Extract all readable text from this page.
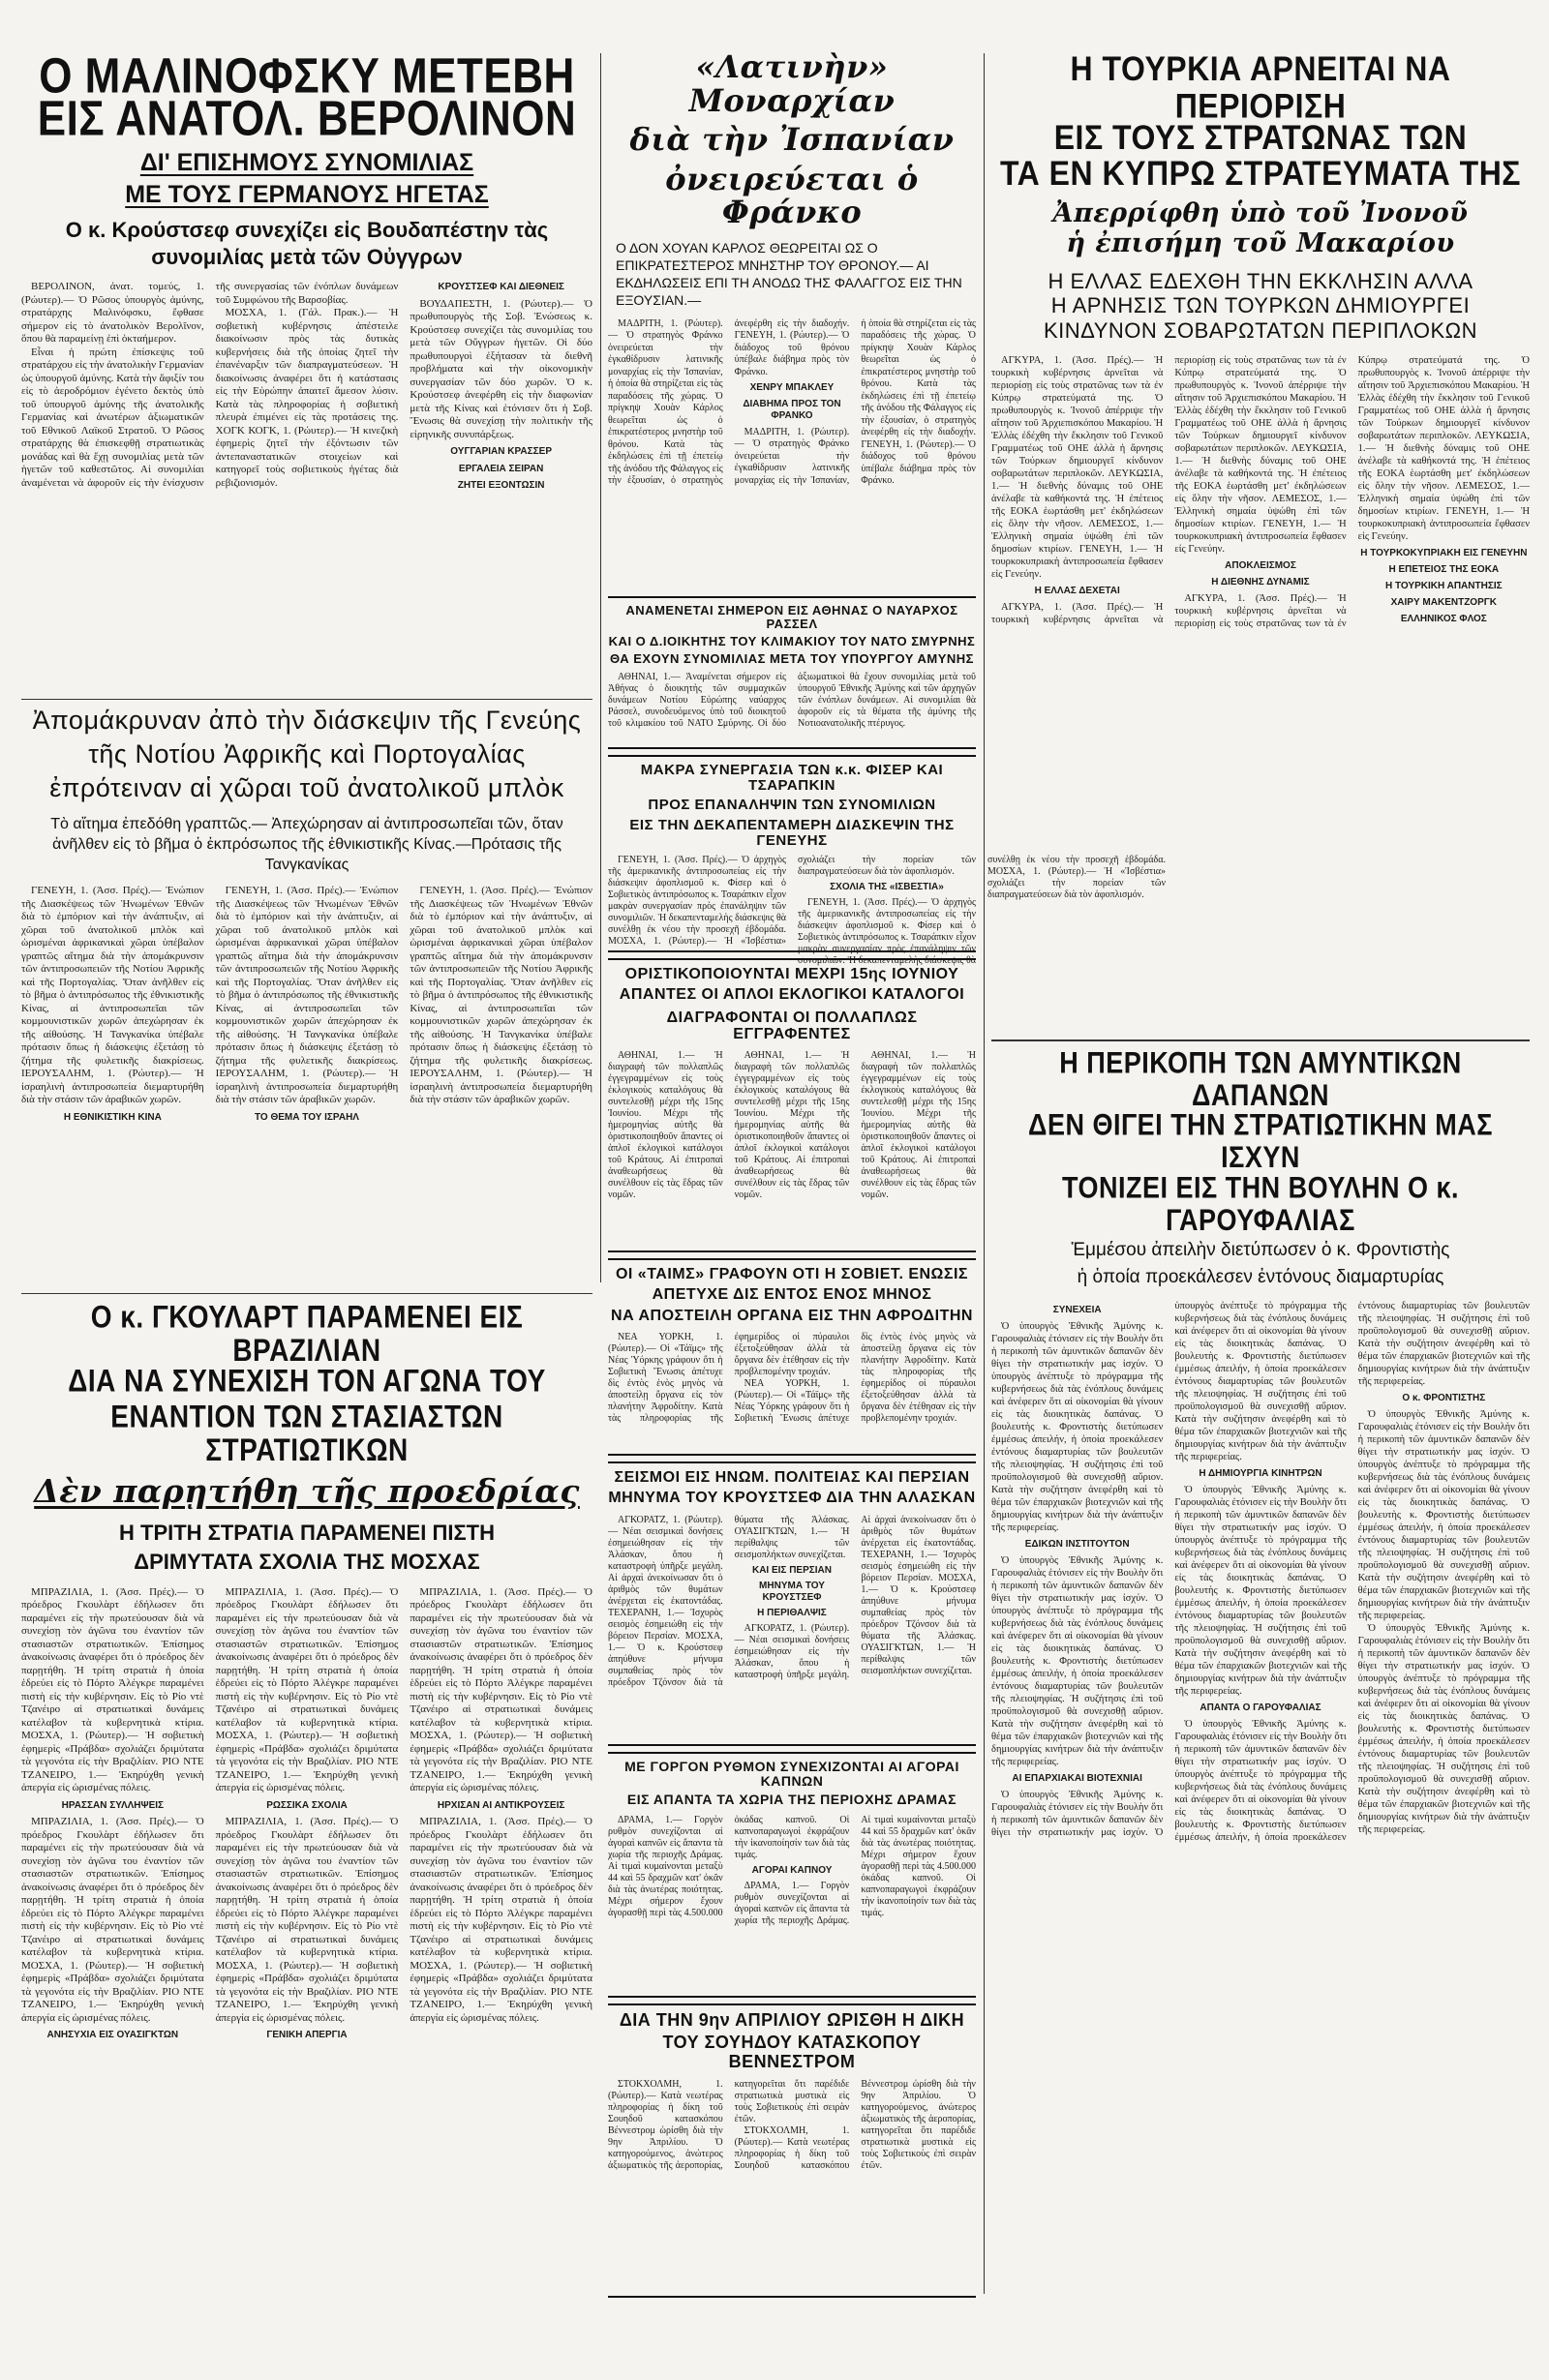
Ο ΜΑΛΙΝΟΦΣΚΥ ΜΕΤΕΒΗ
ΕΙΣ ΑΝΑΤΟΛ. ΒΕΡΟΛΙΝΟΝ
ΔΙ' ΕΠΙΣΗΜΟΥΣ ΣΥΝΟΜΙΛΙΑΣ
ΜΕ ΤΟΥΣ ΓΕΡΜΑΝΟΥΣ ΗΓΕΤΑΣ
Ο κ. Κρούστσεφ συνεχίζει εἰς Βουδαπέστην τὰς συνομιλίας μετὰ τῶν Οὐγγρων

ΒΕΡΟΛΙΝΟΝ, ἀνατ. τομεύς, 1. (Ρώυτερ).— Ὁ Ρῶσος ὑπουργὸς ἀμύνης, στρατάρχης Μαλινόφσκυ, ἔφθασε σήμερον εἰς τὸ ἀνατολικὸν Βερολῖνον, ὅπου θὰ παραμείνῃ ἐπὶ ὀκταήμερον.

Εἶναι ἡ πρώτη ἐπίσκεψις τοῦ στρατάρχου εἰς τὴν ἀνατολικὴν Γερμανίαν ὡς ὑπουργοῦ ἀμύνης. Κατὰ τὴν ἄφιξίν του εἰς τὸ ἀεροδρόμιον ἐγένετο δεκτὸς ὑπὸ τοῦ ὑπουργοῦ ἀμύνης τῆς ἀνατολικῆς Γερμανίας καὶ ἀνωτέρων ἀξιωματικῶν τοῦ Εθνικοῦ Λαϊκοῦ Στρατοῦ. Ὁ Ρῶσος στρατάρχης θὰ ἐπισκεφθῇ στρατιωτικὰς μονάδας καὶ θὰ ἔχῃ συνομιλίας μετὰ τῶν ἡγετῶν τοῦ καθεστῶτος. Αἱ συνομιλίαι ἀναμένεται νὰ ἀφοροῦν εἰς τὴν ἐνίσχυσιν τῆς συνεργασίας τῶν ἐνόπλων δυνάμεων τοῦ Συμφώνου τῆς Βαρσοβίας.

ΜΟΣΧΑ, 1. (Γάλ. Πρακ.).— Ἡ σοβιετικὴ κυβέρνησις ἀπέστειλε διακοίνωσιν πρὸς τὰς δυτικὰς κυβερνήσεις διὰ τῆς ὁποίας ζητεῖ τὴν ἐπανέναρξιν τῶν διαπραγματεύσεων. Ἡ διακοίνωσις ἀναφέρει ὅτι ἡ κατάστασις εἰς τὴν Εὐρώπην ἀπαιτεῖ ἄμεσον λύσιν. Κατὰ τὰς πληροφορίας ἡ σοβιετικὴ πλευρὰ ἐπιμένει εἰς τὰς προτάσεις της. ΧΟΓΚ ΚΟΓΚ, 1. (Ρώυτερ).— Ἡ κινεζικὴ ἐφημερὶς ζητεῖ τὴν ἐξόντωσιν τῶν ἀντεπαναστατικῶν στοιχείων καὶ κατηγορεῖ τοὺς σοβιετικοὺς ἡγέτας διὰ ρεβιζιονισμόν.

ΚΡΟΥΣΤΣΕΦ ΚΑΙ ΔΙΕΘΝΕΙΣ

ΒΟΥΔΑΠΕΣΤΗ, 1. (Ρώυτερ).— Ὁ πρωθυπουργὸς τῆς Σοβ. Ἑνώσεως κ. Κρούστσεφ συνεχίζει τὰς συνομιλίας του μετὰ τῶν Οὔγγρων ἡγετῶν. Οἱ δύο πρωθυπουργοὶ ἐξήτασαν τὰ διεθνῆ προβλήματα καὶ τὴν οἰκονομικὴν συνεργασίαν τῶν δύο χωρῶν. Ὁ κ. Κρούστσεφ ἀνεφέρθη εἰς τὴν διαφωνίαν μετὰ τῆς Κίνας καὶ ἐτόνισεν ὅτι ἡ Σοβ. Ἕνωσις θὰ συνεχίσῃ τὴν πολιτικὴν τῆς εἰρηνικῆς συνυπάρξεως.

ΟΥΓΓΑΡΙΑΝ ΚΡΑΣΣΕΡ
ΕΡΓΑΛΕΙΑ ΣΕΙΡΑΝ
ΖΗΤΕΙ ΕΞΟΝΤΩΣΙΝ
Ἀπομάκρυναν ἀπὸ τὴν διάσκεψιν τῆς Γενεύης
τῆς Νοτίου Ἀφρικῆς καὶ Πορτογαλίας
ἐπρότειναν αἱ χῶραι τοῦ ἀνατολικοῦ μπλὸκ
Τὸ αἴτημα ἐπεδόθη γραπτῶς.— Ἀπεχώρησαν αἱ ἀντιπροσωπεῖαι τῶν, ὅταν ἀνῆλθεν εἰς τὸ βῆμα ὁ ἐκπρόσωπος τῆς ἐθνικιστικῆς Κίνας.—Πρότασις τῆς Τανγκανίκας

ΓΕΝΕΥΗ, 1. (Ἀσσ. Πρές).— Ἐνώπιον τῆς Διασκέψεως τῶν Ἡνωμένων Ἐθνῶν διὰ τὸ ἐμπόριον καὶ τὴν ἀνάπτυξιν, αἱ χῶραι τοῦ ἀνατολικοῦ μπλὸκ καὶ ὡρισμέναι ἀφρικανικαὶ χῶραι ὑπέβαλον γραπτῶς αἴτημα διὰ τὴν ἀπομάκρυνσιν τῶν ἀντιπροσωπειῶν τῆς Νοτίου Ἀφρικῆς καὶ τῆς Πορτογαλίας. Ὅταν ἀνῆλθεν εἰς τὸ βῆμα ὁ ἀντιπρόσωπος τῆς ἐθνικιστικῆς Κίνας, αἱ ἀντιπροσωπεῖαι τῶν κομμουνιστικῶν χωρῶν ἀπεχώρησαν ἐκ τῆς αἰθούσης. Ἡ Τανγκανίκα ὑπέβαλε πρότασιν ὅπως ἡ διάσκεψις ἐξετάσῃ τὸ ζήτημα τῆς φυλετικῆς διακρίσεως. ΙΕΡΟΥΣΑΛΗΜ, 1. (Ρώυτερ).— Ἡ ἰσραηλινὴ ἀντιπροσωπεία διεμαρτυρήθη διὰ τὴν στάσιν τῶν ἀραβικῶν χωρῶν.

Η ΕΘΝΙΚΙΣΤΙΚΗ ΚΙΝΑ

ΓΕΝΕΥΗ, 1. (Ἀσσ. Πρές).— Ἐνώπιον τῆς Διασκέψεως τῶν Ἡνωμένων Ἐθνῶν διὰ τὸ ἐμπόριον καὶ τὴν ἀνάπτυξιν, αἱ χῶραι τοῦ ἀνατολικοῦ μπλὸκ καὶ ὡρισμέναι ἀφρικανικαὶ χῶραι ὑπέβαλον γραπτῶς αἴτημα διὰ τὴν ἀπομάκρυνσιν τῶν ἀντιπροσωπειῶν τῆς Νοτίου Ἀφρικῆς καὶ τῆς Πορτογαλίας. Ὅταν ἀνῆλθεν εἰς τὸ βῆμα ὁ ἀντιπρόσωπος τῆς ἐθνικιστικῆς Κίνας, αἱ ἀντιπροσωπεῖαι τῶν κομμουνιστικῶν χωρῶν ἀπεχώρησαν ἐκ τῆς αἰθούσης. Ἡ Τανγκανίκα ὑπέβαλε πρότασιν ὅπως ἡ διάσκεψις ἐξετάσῃ τὸ ζήτημα τῆς φυλετικῆς διακρίσεως. ΙΕΡΟΥΣΑΛΗΜ, 1. (Ρώυτερ).— Ἡ ἰσραηλινὴ ἀντιπροσωπεία διεμαρτυρήθη διὰ τὴν στάσιν τῶν ἀραβικῶν χωρῶν.

ΤΟ ΘΕΜΑ ΤΟΥ ΙΣΡΑΗΛ

ΓΕΝΕΥΗ, 1. (Ἀσσ. Πρές).— Ἐνώπιον τῆς Διασκέψεως τῶν Ἡνωμένων Ἐθνῶν διὰ τὸ ἐμπόριον καὶ τὴν ἀνάπτυξιν, αἱ χῶραι τοῦ ἀνατολικοῦ μπλὸκ καὶ ὡρισμέναι ἀφρικανικαὶ χῶραι ὑπέβαλον γραπτῶς αἴτημα διὰ τὴν ἀπομάκρυνσιν τῶν ἀντιπροσωπειῶν τῆς Νοτίου Ἀφρικῆς καὶ τῆς Πορτογαλίας. Ὅταν ἀνῆλθεν εἰς τὸ βῆμα ὁ ἀντιπρόσωπος τῆς ἐθνικιστικῆς Κίνας, αἱ ἀντιπροσωπεῖαι τῶν κομμουνιστικῶν χωρῶν ἀπεχώρησαν ἐκ τῆς αἰθούσης. Ἡ Τανγκανίκα ὑπέβαλε πρότασιν ὅπως ἡ διάσκεψις ἐξετάσῃ τὸ ζήτημα τῆς φυλετικῆς διακρίσεως. ΙΕΡΟΥΣΑΛΗΜ, 1. (Ρώυτερ).— Ἡ ἰσραηλινὴ ἀντιπροσωπεία διεμαρτυρήθη διὰ τὴν στάσιν τῶν ἀραβικῶν χωρῶν.

Ο κ. ΓΚΟΥΛΑΡΤ ΠΑΡΑΜΕΝΕΙ ΕΙΣ ΒΡΑΖΙΛΙΑΝ
ΔΙΑ ΝΑ ΣΥΝΕΧΙΣΗ ΤΟΝ ΑΓΩΝΑ ΤΟΥ
ΕΝΑΝΤΙΟΝ ΤΩΝ ΣΤΑΣΙΑΣΤΩΝ ΣΤΡΑΤΙΩΤΙΚΩΝ
Δὲν παρῃτήθη τῆς προεδρίας
Η ΤΡΙΤΗ ΣΤΡΑΤΙΑ ΠΑΡΑΜΕΝΕΙ ΠΙΣΤΗ
ΔΡΙΜΥΤΑΤΑ ΣΧΟΛΙΑ ΤΗΣ ΜΟΣΧΑΣ

ΜΠΡΑΖΙΛΙΑ, 1. (Ἀσσ. Πρές).— Ὁ πρόεδρος Γκουλὰρτ ἐδήλωσεν ὅτι παραμένει εἰς τὴν πρωτεύουσαν διὰ νὰ συνεχίσῃ τὸν ἀγῶνα του ἐναντίον τῶν στασιαστῶν στρατιωτικῶν. Ἐπίσημος ἀνακοίνωσις ἀναφέρει ὅτι ὁ πρόεδρος δὲν παρῃτήθη. Ἡ τρίτη στρατιὰ ἡ ὁποία ἑδρεύει εἰς τὸ Πόρτο Ἀλέγκρε παραμένει πιστὴ εἰς τὴν κυβέρνησιν. Εἰς τὸ Ρίο ντὲ Τζανέιρο αἱ στρατιωτικαὶ δυνάμεις κατέλαβον τὰ κυβερνητικὰ κτίρια. ΜΟΣΧΑ, 1. (Ρώυτερ).— Ἡ σοβιετικὴ ἐφημερὶς «Πράβδα» σχολιάζει δριμύτατα τὰ γεγονότα εἰς τὴν Βραζιλίαν. ΡΙΟ ΝΤΕ ΤΖΑΝΕΙΡΟ, 1.— Ἐκηρύχθη γενικὴ ἀπεργία εἰς ὡρισμένας πόλεις.

ΗΡΑΣΣΑΝ ΣΥΛΛΗΨΕΙΣ

ΜΠΡΑΖΙΛΙΑ, 1. (Ἀσσ. Πρές).— Ὁ πρόεδρος Γκουλὰρτ ἐδήλωσεν ὅτι παραμένει εἰς τὴν πρωτεύουσαν διὰ νὰ συνεχίσῃ τὸν ἀγῶνα του ἐναντίον τῶν στασιαστῶν στρατιωτικῶν. Ἐπίσημος ἀνακοίνωσις ἀναφέρει ὅτι ὁ πρόεδρος δὲν παρῃτήθη. Ἡ τρίτη στρατιὰ ἡ ὁποία ἑδρεύει εἰς τὸ Πόρτο Ἀλέγκρε παραμένει πιστὴ εἰς τὴν κυβέρνησιν. Εἰς τὸ Ρίο ντὲ Τζανέιρο αἱ στρατιωτικαὶ δυνάμεις κατέλαβον τὰ κυβερνητικὰ κτίρια. ΜΟΣΧΑ, 1. (Ρώυτερ).— Ἡ σοβιετικὴ ἐφημερὶς «Πράβδα» σχολιάζει δριμύτατα τὰ γεγονότα εἰς τὴν Βραζιλίαν. ΡΙΟ ΝΤΕ ΤΖΑΝΕΙΡΟ, 1.— Ἐκηρύχθη γενικὴ ἀπεργία εἰς ὡρισμένας πόλεις.

ΑΝΗΣΥΧΙΑ ΕΙΣ ΟΥΑΣΙΓΚΤΩΝ

ΜΠΡΑΖΙΛΙΑ, 1. (Ἀσσ. Πρές).— Ὁ πρόεδρος Γκουλὰρτ ἐδήλωσεν ὅτι παραμένει εἰς τὴν πρωτεύουσαν διὰ νὰ συνεχίσῃ τὸν ἀγῶνα του ἐναντίον τῶν στασιαστῶν στρατιωτικῶν. Ἐπίσημος ἀνακοίνωσις ἀναφέρει ὅτι ὁ πρόεδρος δὲν παρῃτήθη. Ἡ τρίτη στρατιὰ ἡ ὁποία ἑδρεύει εἰς τὸ Πόρτο Ἀλέγκρε παραμένει πιστὴ εἰς τὴν κυβέρνησιν. Εἰς τὸ Ρίο ντὲ Τζανέιρο αἱ στρατιωτικαὶ δυνάμεις κατέλαβον τὰ κυβερνητικὰ κτίρια. ΜΟΣΧΑ, 1. (Ρώυτερ).— Ἡ σοβιετικὴ ἐφημερὶς «Πράβδα» σχολιάζει δριμύτατα τὰ γεγονότα εἰς τὴν Βραζιλίαν. ΡΙΟ ΝΤΕ ΤΖΑΝΕΙΡΟ, 1.— Ἐκηρύχθη γενικὴ ἀπεργία εἰς ὡρισμένας πόλεις.

ΡΩΣΣΙΚΑ ΣΧΟΛΙΑ

ΜΠΡΑΖΙΛΙΑ, 1. (Ἀσσ. Πρές).— Ὁ πρόεδρος Γκουλὰρτ ἐδήλωσεν ὅτι παραμένει εἰς τὴν πρωτεύουσαν διὰ νὰ συνεχίσῃ τὸν ἀγῶνα του ἐναντίον τῶν στασιαστῶν στρατιωτικῶν. Ἐπίσημος ἀνακοίνωσις ἀναφέρει ὅτι ὁ πρόεδρος δὲν παρῃτήθη. Ἡ τρίτη στρατιὰ ἡ ὁποία ἑδρεύει εἰς τὸ Πόρτο Ἀλέγκρε παραμένει πιστὴ εἰς τὴν κυβέρνησιν. Εἰς τὸ Ρίο ντὲ Τζανέιρο αἱ στρατιωτικαὶ δυνάμεις κατέλαβον τὰ κυβερνητικὰ κτίρια. ΜΟΣΧΑ, 1. (Ρώυτερ).— Ἡ σοβιετικὴ ἐφημερὶς «Πράβδα» σχολιάζει δριμύτατα τὰ γεγονότα εἰς τὴν Βραζιλίαν. ΡΙΟ ΝΤΕ ΤΖΑΝΕΙΡΟ, 1.— Ἐκηρύχθη γενικὴ ἀπεργία εἰς ὡρισμένας πόλεις.

ΓΕΝΙΚΗ ΑΠΕΡΓΙΑ

ΜΠΡΑΖΙΛΙΑ, 1. (Ἀσσ. Πρές).— Ὁ πρόεδρος Γκουλὰρτ ἐδήλωσεν ὅτι παραμένει εἰς τὴν πρωτεύουσαν διὰ νὰ συνεχίσῃ τὸν ἀγῶνα του ἐναντίον τῶν στασιαστῶν στρατιωτικῶν. Ἐπίσημος ἀνακοίνωσις ἀναφέρει ὅτι ὁ πρόεδρος δὲν παρῃτήθη. Ἡ τρίτη στρατιὰ ἡ ὁποία ἑδρεύει εἰς τὸ Πόρτο Ἀλέγκρε παραμένει πιστὴ εἰς τὴν κυβέρνησιν. Εἰς τὸ Ρίο ντὲ Τζανέιρο αἱ στρατιωτικαὶ δυνάμεις κατέλαβον τὰ κυβερνητικὰ κτίρια. ΜΟΣΧΑ, 1. (Ρώυτερ).— Ἡ σοβιετικὴ ἐφημερὶς «Πράβδα» σχολιάζει δριμύτατα τὰ γεγονότα εἰς τὴν Βραζιλίαν. ΡΙΟ ΝΤΕ ΤΖΑΝΕΙΡΟ, 1.— Ἐκηρύχθη γενικὴ ἀπεργία εἰς ὡρισμένας πόλεις.

ΗΡΧΙΣΑΝ ΑΙ ΑΝΤΙΚΡΟΥΣΕΙΣ

ΜΠΡΑΖΙΛΙΑ, 1. (Ἀσσ. Πρές).— Ὁ πρόεδρος Γκουλὰρτ ἐδήλωσεν ὅτι παραμένει εἰς τὴν πρωτεύουσαν διὰ νὰ συνεχίσῃ τὸν ἀγῶνα του ἐναντίον τῶν στασιαστῶν στρατιωτικῶν. Ἐπίσημος ἀνακοίνωσις ἀναφέρει ὅτι ὁ πρόεδρος δὲν παρῃτήθη. Ἡ τρίτη στρατιὰ ἡ ὁποία ἑδρεύει εἰς τὸ Πόρτο Ἀλέγκρε παραμένει πιστὴ εἰς τὴν κυβέρνησιν. Εἰς τὸ Ρίο ντὲ Τζανέιρο αἱ στρατιωτικαὶ δυνάμεις κατέλαβον τὰ κυβερνητικὰ κτίρια. ΜΟΣΧΑ, 1. (Ρώυτερ).— Ἡ σοβιετικὴ ἐφημερὶς «Πράβδα» σχολιάζει δριμύτατα τὰ γεγονότα εἰς τὴν Βραζιλίαν. ΡΙΟ ΝΤΕ ΤΖΑΝΕΙΡΟ, 1.— Ἐκηρύχθη γενικὴ ἀπεργία εἰς ὡρισμένας πόλεις.

«Λατινὴν» Μοναρχίαν
διὰ τὴν Ἰσπανίαν
ὀνειρεύεται ὁ Φράνκο
Ο ΔΟΝ ΧΟΥΑΝ ΚΑΡΛΟΣ ΘΕΩΡΕΙΤΑΙ ΩΣ Ο ΕΠΙΚΡΑΤΕΣΤΕΡΟΣ ΜΝΗΣΤΗΡ ΤΟΥ ΘΡΟΝΟΥ.— ΑΙ ΕΚΔΗΛΩΣΕΙΣ ΕΠΙ ΤΗ ΑΝΟΔΩ ΤΗΣ ΦΑΛΑΓΓΟΣ ΕΙΣ ΤΗΝ ΕΞΟΥΣΙΑΝ.—

ΜΑΔΡΙΤΗ, 1. (Ρώυτερ).— Ὁ στρατηγὸς Φράνκο ὀνειρεύεται τὴν ἐγκαθίδρυσιν λατινικῆς μοναρχίας εἰς τὴν Ἰσπανίαν, ἡ ὁποία θὰ στηρίζεται εἰς τὰς παραδόσεις τῆς χώρας. Ὁ πρίγκηψ Χουὰν Κάρλος θεωρεῖται ὡς ὁ ἐπικρατέστερος μνηστὴρ τοῦ θρόνου. Κατὰ τὰς ἐκδηλώσεις ἐπὶ τῇ ἐπετείῳ τῆς ἀνόδου τῆς Φάλαγγος εἰς τὴν ἐξουσίαν, ὁ στρατηγὸς ἀνεφέρθη εἰς τὴν διαδοχήν. ΓΕΝΕΥΗ, 1. (Ρώυτερ).— Ὁ διάδοχος τοῦ θρόνου ὑπέβαλε διάβημα πρὸς τὸν Φράνκο.

ΧΕΝΡΥ ΜΠΑΚΛΕΥ
ΔΙΑΒΗΜΑ ΠΡΟΣ ΤΟΝ ΦΡΑΝΚΟ

ΜΑΔΡΙΤΗ, 1. (Ρώυτερ).— Ὁ στρατηγὸς Φράνκο ὀνειρεύεται τὴν ἐγκαθίδρυσιν λατινικῆς μοναρχίας εἰς τὴν Ἰσπανίαν, ἡ ὁποία θὰ στηρίζεται εἰς τὰς παραδόσεις τῆς χώρας. Ὁ πρίγκηψ Χουὰν Κάρλος θεωρεῖται ὡς ὁ ἐπικρατέστερος μνηστὴρ τοῦ θρόνου. Κατὰ τὰς ἐκδηλώσεις ἐπὶ τῇ ἐπετείῳ τῆς ἀνόδου τῆς Φάλαγγος εἰς τὴν ἐξουσίαν, ὁ στρατηγὸς ἀνεφέρθη εἰς τὴν διαδοχήν. ΓΕΝΕΥΗ, 1. (Ρώυτερ).— Ὁ διάδοχος τοῦ θρόνου ὑπέβαλε διάβημα πρὸς τὸν Φράνκο.

ΑΝΑΜΕΝΕΤΑΙ ΣΗΜΕΡΟΝ ΕΙΣ ΑΘΗΝΑΣ Ο ΝΑΥΑΡΧΟΣ ΡΑΣΣΕΛ
ΚΑΙ Ο Δ.ΙΟΙΚΗΤΗΣ ΤΟΥ ΚΛΙΜΑΚΙΟΥ ΤΟΥ ΝΑΤΟ ΣΜΥΡΝΗΣ
ΘΑ ΕΧΟΥΝ ΣΥΝΟΜΙΛΙΑΣ ΜΕΤΑ ΤΟΥ ΥΠΟΥΡΓΟΥ ΑΜΥΝΗΣ

ΑΘΗΝΑΙ, 1.— Ἀναμένεται σήμερον εἰς Ἀθήνας ὁ διοικητὴς τῶν συμμαχικῶν δυνάμεων Νοτίου Εὐρώπης ναύαρχος Ράσσελ, συνοδευόμενος ὑπὸ τοῦ διοικητοῦ τοῦ κλιμακίου τοῦ ΝΑΤΟ Σμύρνης. Οἱ δύο ἀξιωματικοὶ θὰ ἔχουν συνομιλίας μετὰ τοῦ ὑπουργοῦ Ἐθνικῆς Ἀμύνης καὶ τῶν ἀρχηγῶν τῶν ἐνόπλων δυνάμεων. Αἱ συνομιλίαι θὰ ἀφοροῦν εἰς τὰ θέματα τῆς ἀμύνης τῆς Νοτιοανατολικῆς πτέρυγος.

ΜΑΚΡΑ ΣΥΝΕΡΓΑΣΙΑ ΤΩΝ κ.κ. ΦΙΣΕΡ ΚΑΙ ΤΣΑΡΑΠΚΙΝ
ΠΡΟΣ ΕΠΑΝΑΛΗΨΙΝ ΤΩΝ ΣΥΝΟΜΙΛΙΩΝ
ΕΙΣ ΤΗΝ ΔΕΚΑΠΕΝΤΑΜΕΡΗ ΔΙΑΣΚΕΨΙΝ ΤΗΣ ΓΕΝΕΥΗΣ

ΓΕΝΕΥΗ, 1. (Ἀσσ. Πρές).— Ὁ ἀρχηγὸς τῆς ἀμερικανικῆς ἀντιπροσωπείας εἰς τὴν διάσκεψιν ἀφοπλισμοῦ κ. Φίσερ καὶ ὁ Σοβιετικὸς ἀντιπρόσωπος κ. Τσαράπκιν εἶχον μακρὰν συνεργασίαν πρὸς ἐπανάληψιν τῶν συνομιλιῶν. Ἡ δεκαπενταμελὴς διάσκεψις θὰ συνέλθῃ ἐκ νέου τὴν προσεχῆ ἑβδομάδα. ΜΟΣΧΑ, 1. (Ρώυτερ).— Ἡ «Ἰσβέστια» σχολιάζει τὴν πορείαν τῶν διαπραγματεύσεων διὰ τὸν ἀφοπλισμόν.

ΣΧΟΛΙΑ ΤΗΣ «ΙΣΒΕΣΤΙΑ»

ΓΕΝΕΥΗ, 1. (Ἀσσ. Πρές).— Ὁ ἀρχηγὸς τῆς ἀμερικανικῆς ἀντιπροσωπείας εἰς τὴν διάσκεψιν ἀφοπλισμοῦ κ. Φίσερ καὶ ὁ Σοβιετικὸς ἀντιπρόσωπος κ. Τσαράπκιν εἶχον μακρὰν συνεργασίαν πρὸς ἐπανάληψιν τῶν συνομιλιῶν. Ἡ δεκαπενταμελὴς διάσκεψις θὰ συνέλθῃ ἐκ νέου τὴν προσεχῆ ἑβδομάδα. ΜΟΣΧΑ, 1. (Ρώυτερ).— Ἡ «Ἰσβέστια» σχολιάζει τὴν πορείαν τῶν διαπραγματεύσεων διὰ τὸν ἀφοπλισμόν.

ΟΡΙΣΤΙΚΟΠΟΙΟΥΝΤΑΙ ΜΕΧΡΙ 15ης ΙΟΥΝΙΟΥ
ΑΠΑΝΤΕΣ ΟΙ ΑΠΛΟΙ ΕΚΛΟΓΙΚΟΙ ΚΑΤΑΛΟΓΟΙ
ΔΙΑΓΡΑΦΟΝΤΑΙ ΟΙ ΠΟΛΛΑΠΛΩΣ ΕΓΓΡΑΦΕΝΤΕΣ

ΑΘΗΝΑΙ, 1.— Ἡ διαγραφὴ τῶν πολλαπλῶς ἐγγεγραμμένων εἰς τοὺς ἐκλογικοὺς καταλόγους θὰ συντελεσθῇ μέχρι τῆς 15ης Ἰουνίου. Μέχρι τῆς ἡμερομηνίας αὐτῆς θὰ ὁριστικοποιηθοῦν ἅπαντες οἱ ἁπλοῖ ἐκλογικοὶ κατάλογοι τοῦ Κράτους. Αἱ ἐπιτροπαὶ ἀναθεωρήσεως θὰ συνέλθουν εἰς τὰς ἕδρας τῶν νομῶν.

ΑΘΗΝΑΙ, 1.— Ἡ διαγραφὴ τῶν πολλαπλῶς ἐγγεγραμμένων εἰς τοὺς ἐκλογικοὺς καταλόγους θὰ συντελεσθῇ μέχρι τῆς 15ης Ἰουνίου. Μέχρι τῆς ἡμερομηνίας αὐτῆς θὰ ὁριστικοποιηθοῦν ἅπαντες οἱ ἁπλοῖ ἐκλογικοὶ κατάλογοι τοῦ Κράτους. Αἱ ἐπιτροπαὶ ἀναθεωρήσεως θὰ συνέλθουν εἰς τὰς ἕδρας τῶν νομῶν.

ΑΘΗΝΑΙ, 1.— Ἡ διαγραφὴ τῶν πολλαπλῶς ἐγγεγραμμένων εἰς τοὺς ἐκλογικοὺς καταλόγους θὰ συντελεσθῇ μέχρι τῆς 15ης Ἰουνίου. Μέχρι τῆς ἡμερομηνίας αὐτῆς θὰ ὁριστικοποιηθοῦν ἅπαντες οἱ ἁπλοῖ ἐκλογικοὶ κατάλογοι τοῦ Κράτους. Αἱ ἐπιτροπαὶ ἀναθεωρήσεως θὰ συνέλθουν εἰς τὰς ἕδρας τῶν νομῶν.

ΟΙ «ΤΑΙΜΣ» ΓΡΑΦΟΥΝ ΟΤΙ Η ΣΟΒΙΕΤ. ΕΝΩΣΙΣ
ΑΠΕΤΥΧΕ ΔΙΣ ΕΝΤΟΣ ΕΝΟΣ ΜΗΝΟΣ
ΝΑ ΑΠΟΣΤΕΙΛΗ ΟΡΓΑΝΑ ΕΙΣ ΤΗΝ ΑΦΡΟΔΙΤΗΝ

ΝΕΑ ΥΟΡΚΗ, 1. (Ρώυτερ).— Οἱ «Τάϊμς» τῆς Νέας Ὑόρκης γράφουν ὅτι ἡ Σοβιετικὴ Ἕνωσις ἀπέτυχε δὶς ἐντὸς ἑνὸς μηνὸς νὰ ἀποστείλῃ ὄργανα εἰς τὸν πλανήτην Ἀφροδίτην. Κατὰ τὰς πληροφορίας τῆς ἐφημερίδος οἱ πύραυλοι ἐξετοξεύθησαν ἀλλὰ τὰ ὄργανα δὲν ἐτέθησαν εἰς τὴν προβλεπομένην τροχιάν.

ΝΕΑ ΥΟΡΚΗ, 1. (Ρώυτερ).— Οἱ «Τάϊμς» τῆς Νέας Ὑόρκης γράφουν ὅτι ἡ Σοβιετικὴ Ἕνωσις ἀπέτυχε δὶς ἐντὸς ἑνὸς μηνὸς νὰ ἀποστείλῃ ὄργανα εἰς τὸν πλανήτην Ἀφροδίτην. Κατὰ τὰς πληροφορίας τῆς ἐφημερίδος οἱ πύραυλοι ἐξετοξεύθησαν ἀλλὰ τὰ ὄργανα δὲν ἐτέθησαν εἰς τὴν προβλεπομένην τροχιάν.

ΣΕΙΣΜΟΙ ΕΙΣ ΗΝΩΜ. ΠΟΛΙΤΕΙΑΣ ΚΑΙ ΠΕΡΣΙΑΝ
ΜΗΝΥΜΑ ΤΟΥ ΚΡΟΥΣΤΣΕΦ ΔΙΑ ΤΗΝ ΑΛΑΣΚΑΝ

ΑΓΚΟΡΑΤΖ, 1. (Ρώυτερ).— Νέαι σεισμικαὶ δονήσεις ἐσημειώθησαν εἰς τὴν Ἀλάσκαν, ὅπου ἡ καταστροφὴ ὑπῆρξε μεγάλη. Αἱ ἀρχαὶ ἀνεκοίνωσαν ὅτι ὁ ἀριθμὸς τῶν θυμάτων ἀνέρχεται εἰς ἑκατοντάδας. ΤΕΧΕΡΑΝΗ, 1.— Ἰσχυρὸς σεισμὸς ἐσημειώθη εἰς τὴν βόρειον Περσίαν. ΜΟΣΧΑ, 1.— Ὁ κ. Κρούστσεφ ἀπηύθυνε μήνυμα συμπαθείας πρὸς τὸν πρόεδρον Τζόνσον διὰ τὰ θύματα τῆς Ἀλάσκας. ΟΥΑΣΙΓΚΤΩΝ, 1.— Ἡ περίθαλψις τῶν σεισμοπλήκτων συνεχίζεται.

ΚΑΙ ΕΙΣ ΠΕΡΣΙΑΝ
ΜΗΝΥΜΑ ΤΟΥ ΚΡΟΥΣΤΣΕΦ
Η ΠΕΡΙΘΑΛΨΙΣ

ΑΓΚΟΡΑΤΖ, 1. (Ρώυτερ).— Νέαι σεισμικαὶ δονήσεις ἐσημειώθησαν εἰς τὴν Ἀλάσκαν, ὅπου ἡ καταστροφὴ ὑπῆρξε μεγάλη. Αἱ ἀρχαὶ ἀνεκοίνωσαν ὅτι ὁ ἀριθμὸς τῶν θυμάτων ἀνέρχεται εἰς ἑκατοντάδας. ΤΕΧΕΡΑΝΗ, 1.— Ἰσχυρὸς σεισμὸς ἐσημειώθη εἰς τὴν βόρειον Περσίαν. ΜΟΣΧΑ, 1.— Ὁ κ. Κρούστσεφ ἀπηύθυνε μήνυμα συμπαθείας πρὸς τὸν πρόεδρον Τζόνσον διὰ τὰ θύματα τῆς Ἀλάσκας. ΟΥΑΣΙΓΚΤΩΝ, 1.— Ἡ περίθαλψις τῶν σεισμοπλήκτων συνεχίζεται.

ΜΕ ΓΟΡΓΟΝ ΡΥΘΜΟΝ ΣΥΝΕΧΙΖΟΝΤΑΙ ΑΙ ΑΓΟΡΑΙ ΚΑΠΝΩΝ
ΕΙΣ ΑΠΑΝΤΑ ΤΑ ΧΩΡΙΑ ΤΗΣ ΠΕΡΙΟΧΗΣ ΔΡΑΜΑΣ

ΔΡΑΜΑ, 1.— Γοργὸν ρυθμὸν συνεχίζονται αἱ ἀγοραὶ καπνῶν εἰς ἅπαντα τὰ χωρία τῆς περιοχῆς Δράμας. Αἱ τιμαὶ κυμαίνονται μεταξὺ 44 καὶ 55 δραχμῶν κατ' ὀκᾶν διὰ τὰς ἀνωτέρας ποιότητας. Μέχρι σήμερον ἔχουν ἀγορασθῇ περὶ τὰς 4.500.000 ὀκάδας καπνοῦ. Οἱ καπνοπαραγωγοὶ ἐκφράζουν τὴν ἱκανοποίησίν των διὰ τὰς τιμάς.

ΑΓΟΡΑΙ ΚΑΠΝΟΥ

ΔΡΑΜΑ, 1.— Γοργὸν ρυθμὸν συνεχίζονται αἱ ἀγοραὶ καπνῶν εἰς ἅπαντα τὰ χωρία τῆς περιοχῆς Δράμας. Αἱ τιμαὶ κυμαίνονται μεταξὺ 44 καὶ 55 δραχμῶν κατ' ὀκᾶν διὰ τὰς ἀνωτέρας ποιότητας. Μέχρι σήμερον ἔχουν ἀγορασθῇ περὶ τὰς 4.500.000 ὀκάδας καπνοῦ. Οἱ καπνοπαραγωγοὶ ἐκφράζουν τὴν ἱκανοποίησίν των διὰ τὰς τιμάς.

ΔΙΑ ΤΗΝ 9ην ΑΠΡΙΛΙΟΥ ΩΡΙΣΘΗ Η ΔΙΚΗ
ΤΟΥ ΣΟΥΗΔΟΥ ΚΑΤΑΣΚΟΠΟΥ ΒΕΝΝΕΣΤΡΟΜ

ΣΤΟΚΧΟΛΜΗ, 1. (Ρώυτερ).— Κατὰ νεωτέρας πληροφορίας ἡ δίκη τοῦ Σουηδοῦ κατασκόπου Βέννεστρομ ὡρίσθη διὰ τὴν 9ην Ἀπριλίου. Ὁ κατηγορούμενος, ἀνώτερος ἀξιωματικὸς τῆς ἀεροπορίας, κατηγορεῖται ὅτι παρέδιδε στρατιωτικὰ μυστικὰ εἰς τοὺς Σοβιετικοὺς ἐπὶ σειρὰν ἐτῶν.

ΣΤΟΚΧΟΛΜΗ, 1. (Ρώυτερ).— Κατὰ νεωτέρας πληροφορίας ἡ δίκη τοῦ Σουηδοῦ κατασκόπου Βέννεστρομ ὡρίσθη διὰ τὴν 9ην Ἀπριλίου. Ὁ κατηγορούμενος, ἀνώτερος ἀξιωματικὸς τῆς ἀεροπορίας, κατηγορεῖται ὅτι παρέδιδε στρατιωτικὰ μυστικὰ εἰς τοὺς Σοβιετικοὺς ἐπὶ σειρὰν ἐτῶν.

Η ΤΟΥΡΚΙΑ ΑΡΝΕΙΤΑΙ ΝΑ ΠΕΡΙΟΡΙΣΗ
ΕΙΣ ΤΟΥΣ ΣΤΡΑΤΩΝΑΣ ΤΩΝ
ΤΑ ΕΝ ΚΥΠΡΩ ΣΤΡΑΤΕΥΜΑΤΑ ΤΗΣ
Ἀπερρίφθη ὑπὸ τοῦ Ἰνονοῦ
ἡ ἐπισήμη τοῦ Μακαρίου
Η ΕΛΛΑΣ ΕΔΕΧΘΗ ΤΗΝ ΕΚΚΛΗΣΙΝ ΑΛΛΑ
Η ΑΡΝΗΣΙΣ ΤΩΝ ΤΟΥΡΚΩΝ ΔΗΜΙΟΥΡΓΕΙ
ΚΙΝΔΥΝΟΝ ΣΟΒΑΡΩΤΑΤΩΝ ΠΕΡΙΠΛΟΚΩΝ

ΑΓΚΥΡΑ, 1. (Ἀσσ. Πρές).— Ἡ τουρκικὴ κυβέρνησις ἀρνεῖται νὰ περιορίσῃ εἰς τοὺς στρατῶνας των τὰ ἐν Κύπρῳ στρατεύματά της. Ὁ πρωθυπουργὸς κ. Ἰνονοῦ ἀπέρριψε τὴν αἴτησιν τοῦ Ἀρχιεπισκόπου Μακαρίου. Ἡ Ἑλλὰς ἐδέχθη τὴν ἔκκλησιν τοῦ Γενικοῦ Γραμματέως τοῦ ΟΗΕ ἀλλὰ ἡ ἄρνησις τῶν Τούρκων δημιουργεῖ κίνδυνον σοβαρωτάτων περιπλοκῶν. ΛΕΥΚΩΣΙΑ, 1.— Ἡ διεθνὴς δύναμις τοῦ ΟΗΕ ἀνέλαβε τὰ καθήκοντά της. Ἡ ἐπέτειος τῆς ΕΟΚΑ ἑωρτάσθη μετ' ἐκδηλώσεων εἰς ὅλην τὴν νῆσον. ΛΕΜΕΣΟΣ, 1.— Ἑλληνικὴ σημαία ὑψώθη ἐπὶ τῶν δημοσίων κτιρίων. ΓΕΝΕΥΗ, 1.— Ἡ τουρκοκυπριακὴ ἀντιπροσωπεία ἔφθασεν εἰς Γενεύην.

Η ΕΛΛΑΣ ΔΕΧΕΤΑΙ

ΑΓΚΥΡΑ, 1. (Ἀσσ. Πρές).— Ἡ τουρκικὴ κυβέρνησις ἀρνεῖται νὰ περιορίσῃ εἰς τοὺς στρατῶνας των τὰ ἐν Κύπρῳ στρατεύματά της. Ὁ πρωθυπουργὸς κ. Ἰνονοῦ ἀπέρριψε τὴν αἴτησιν τοῦ Ἀρχιεπισκόπου Μακαρίου. Ἡ Ἑλλὰς ἐδέχθη τὴν ἔκκλησιν τοῦ Γενικοῦ Γραμματέως τοῦ ΟΗΕ ἀλλὰ ἡ ἄρνησις τῶν Τούρκων δημιουργεῖ κίνδυνον σοβαρωτάτων περιπλοκῶν. ΛΕΥΚΩΣΙΑ, 1.— Ἡ διεθνὴς δύναμις τοῦ ΟΗΕ ἀνέλαβε τὰ καθήκοντά της. Ἡ ἐπέτειος τῆς ΕΟΚΑ ἑωρτάσθη μετ' ἐκδηλώσεων εἰς ὅλην τὴν νῆσον. ΛΕΜΕΣΟΣ, 1.— Ἑλληνικὴ σημαία ὑψώθη ἐπὶ τῶν δημοσίων κτιρίων. ΓΕΝΕΥΗ, 1.— Ἡ τουρκοκυπριακὴ ἀντιπροσωπεία ἔφθασεν εἰς Γενεύην.

ΑΠΟΚΛΕΙΣΜΟΣ
Η ΔΙΕΘΝΗΣ ΔΥΝΑΜΙΣ

ΑΓΚΥΡΑ, 1. (Ἀσσ. Πρές).— Ἡ τουρκικὴ κυβέρνησις ἀρνεῖται νὰ περιορίσῃ εἰς τοὺς στρατῶνας των τὰ ἐν Κύπρῳ στρατεύματά της. Ὁ πρωθυπουργὸς κ. Ἰνονοῦ ἀπέρριψε τὴν αἴτησιν τοῦ Ἀρχιεπισκόπου Μακαρίου. Ἡ Ἑλλὰς ἐδέχθη τὴν ἔκκλησιν τοῦ Γενικοῦ Γραμματέως τοῦ ΟΗΕ ἀλλὰ ἡ ἄρνησις τῶν Τούρκων δημιουργεῖ κίνδυνον σοβαρωτάτων περιπλοκῶν. ΛΕΥΚΩΣΙΑ, 1.— Ἡ διεθνὴς δύναμις τοῦ ΟΗΕ ἀνέλαβε τὰ καθήκοντά της. Ἡ ἐπέτειος τῆς ΕΟΚΑ ἑωρτάσθη μετ' ἐκδηλώσεων εἰς ὅλην τὴν νῆσον. ΛΕΜΕΣΟΣ, 1.— Ἑλληνικὴ σημαία ὑψώθη ἐπὶ τῶν δημοσίων κτιρίων. ΓΕΝΕΥΗ, 1.— Ἡ τουρκοκυπριακὴ ἀντιπροσωπεία ἔφθασεν εἰς Γενεύην.

Η ΤΟΥΡΚΟΚΥΠΡΙΑΚΗ ΕΙΣ ΓΕΝΕΥΗΝ
Η ΕΠΕΤΕΙΟΣ ΤΗΣ ΕΟΚΑ
Η ΤΟΥΡΚΙΚΗ ΑΠΑΝΤΗΣΙΣ
ΧΑΙΡΥ ΜΑΚΕΝΤΖΟΡΓΚ
ΕΛΛΗΝΙΚΟΣ ΦΛΟΣ
Η ΠΕΡΙΚΟΠΗ ΤΩΝ ΑΜΥΝΤΙΚΩΝ ΔΑΠΑΝΩΝ
ΔΕΝ ΘΙΓΕΙ ΤΗΝ ΣΤΡΑΤΙΩΤΙΚΗΝ ΜΑΣ ΙΣΧΥΝ
ΤΟΝΙΖΕΙ ΕΙΣ ΤΗΝ ΒΟΥΛΗΝ Ο κ. ΓΑΡΟΥΦΑΛΙΑΣ
Ἐμμέσου ἀπειλὴν διετύπωσεν ὁ κ. Φροντιστὴς
ἡ ὁποία προεκάλεσεν ἐντόνους διαμαρτυρίας
ΣΥΝΕΧΕΙΑ

Ὁ ὑπουργὸς Ἐθνικῆς Ἀμύνης κ. Γαρουφαλιὰς ἐτόνισεν εἰς τὴν Βουλὴν ὅτι ἡ περικοπὴ τῶν ἀμυντικῶν δαπανῶν δὲν θίγει τὴν στρατιωτικήν μας ἰσχύν. Ὁ ὑπουργὸς ἀνέπτυξε τὸ πρόγραμμα τῆς κυβερνήσεως διὰ τὰς ἐνόπλους δυνάμεις καὶ ἀνέφερεν ὅτι αἱ οἰκονομίαι θὰ γίνουν εἰς τὰς διοικητικὰς δαπάνας. Ὁ βουλευτὴς κ. Φροντιστὴς διετύπωσεν ἐμμέσως ἀπειλήν, ἡ ὁποία προεκάλεσεν ἐντόνους διαμαρτυρίας τῶν βουλευτῶν τῆς πλειοψηφίας. Ἡ συζήτησις ἐπὶ τοῦ προϋπολογισμοῦ θὰ συνεχισθῇ αὔριον. Κατὰ τὴν συζήτησιν ἀνεφέρθη καὶ τὸ θέμα τῶν ἐπαρχιακῶν βιοτεχνιῶν καὶ τῆς δημιουργίας κινήτρων διὰ τὴν ἀνάπτυξιν τῆς περιφερείας.

ΕΔΙΚΩΝ ΙΝΣΤΙΤΟΥΤΟΝ

Ὁ ὑπουργὸς Ἐθνικῆς Ἀμύνης κ. Γαρουφαλιὰς ἐτόνισεν εἰς τὴν Βουλὴν ὅτι ἡ περικοπὴ τῶν ἀμυντικῶν δαπανῶν δὲν θίγει τὴν στρατιωτικήν μας ἰσχύν. Ὁ ὑπουργὸς ἀνέπτυξε τὸ πρόγραμμα τῆς κυβερνήσεως διὰ τὰς ἐνόπλους δυνάμεις καὶ ἀνέφερεν ὅτι αἱ οἰκονομίαι θὰ γίνουν εἰς τὰς διοικητικὰς δαπάνας. Ὁ βουλευτὴς κ. Φροντιστὴς διετύπωσεν ἐμμέσως ἀπειλήν, ἡ ὁποία προεκάλεσεν ἐντόνους διαμαρτυρίας τῶν βουλευτῶν τῆς πλειοψηφίας. Ἡ συζήτησις ἐπὶ τοῦ προϋπολογισμοῦ θὰ συνεχισθῇ αὔριον. Κατὰ τὴν συζήτησιν ἀνεφέρθη καὶ τὸ θέμα τῶν ἐπαρχιακῶν βιοτεχνιῶν καὶ τῆς δημιουργίας κινήτρων διὰ τὴν ἀνάπτυξιν τῆς περιφερείας.

ΑΙ ΕΠΑΡΧΙΑΚΑΙ ΒΙΟΤΕΧΝΙΑΙ

Ὁ ὑπουργὸς Ἐθνικῆς Ἀμύνης κ. Γαρουφαλιὰς ἐτόνισεν εἰς τὴν Βουλὴν ὅτι ἡ περικοπὴ τῶν ἀμυντικῶν δαπανῶν δὲν θίγει τὴν στρατιωτικήν μας ἰσχύν. Ὁ ὑπουργὸς ἀνέπτυξε τὸ πρόγραμμα τῆς κυβερνήσεως διὰ τὰς ἐνόπλους δυνάμεις καὶ ἀνέφερεν ὅτι αἱ οἰκονομίαι θὰ γίνουν εἰς τὰς διοικητικὰς δαπάνας. Ὁ βουλευτὴς κ. Φροντιστὴς διετύπωσεν ἐμμέσως ἀπειλήν, ἡ ὁποία προεκάλεσεν ἐντόνους διαμαρτυρίας τῶν βουλευτῶν τῆς πλειοψηφίας. Ἡ συζήτησις ἐπὶ τοῦ προϋπολογισμοῦ θὰ συνεχισθῇ αὔριον. Κατὰ τὴν συζήτησιν ἀνεφέρθη καὶ τὸ θέμα τῶν ἐπαρχιακῶν βιοτεχνιῶν καὶ τῆς δημιουργίας κινήτρων διὰ τὴν ἀνάπτυξιν τῆς περιφερείας.

Η ΔΗΜΙΟΥΡΓΙΑ ΚΙΝΗΤΡΩΝ

Ὁ ὑπουργὸς Ἐθνικῆς Ἀμύνης κ. Γαρουφαλιὰς ἐτόνισεν εἰς τὴν Βουλὴν ὅτι ἡ περικοπὴ τῶν ἀμυντικῶν δαπανῶν δὲν θίγει τὴν στρατιωτικήν μας ἰσχύν. Ὁ ὑπουργὸς ἀνέπτυξε τὸ πρόγραμμα τῆς κυβερνήσεως διὰ τὰς ἐνόπλους δυνάμεις καὶ ἀνέφερεν ὅτι αἱ οἰκονομίαι θὰ γίνουν εἰς τὰς διοικητικὰς δαπάνας. Ὁ βουλευτὴς κ. Φροντιστὴς διετύπωσεν ἐμμέσως ἀπειλήν, ἡ ὁποία προεκάλεσεν ἐντόνους διαμαρτυρίας τῶν βουλευτῶν τῆς πλειοψηφίας. Ἡ συζήτησις ἐπὶ τοῦ προϋπολογισμοῦ θὰ συνεχισθῇ αὔριον. Κατὰ τὴν συζήτησιν ἀνεφέρθη καὶ τὸ θέμα τῶν ἐπαρχιακῶν βιοτεχνιῶν καὶ τῆς δημιουργίας κινήτρων διὰ τὴν ἀνάπτυξιν τῆς περιφερείας.

ΑΠΑΝΤΑ Ο ΓΑΡΟΥΦΑΛΙΑΣ

Ὁ ὑπουργὸς Ἐθνικῆς Ἀμύνης κ. Γαρουφαλιὰς ἐτόνισεν εἰς τὴν Βουλὴν ὅτι ἡ περικοπὴ τῶν ἀμυντικῶν δαπανῶν δὲν θίγει τὴν στρατιωτικήν μας ἰσχύν. Ὁ ὑπουργὸς ἀνέπτυξε τὸ πρόγραμμα τῆς κυβερνήσεως διὰ τὰς ἐνόπλους δυνάμεις καὶ ἀνέφερεν ὅτι αἱ οἰκονομίαι θὰ γίνουν εἰς τὰς διοικητικὰς δαπάνας. Ὁ βουλευτὴς κ. Φροντιστὴς διετύπωσεν ἐμμέσως ἀπειλήν, ἡ ὁποία προεκάλεσεν ἐντόνους διαμαρτυρίας τῶν βουλευτῶν τῆς πλειοψηφίας. Ἡ συζήτησις ἐπὶ τοῦ προϋπολογισμοῦ θὰ συνεχισθῇ αὔριον. Κατὰ τὴν συζήτησιν ἀνεφέρθη καὶ τὸ θέμα τῶν ἐπαρχιακῶν βιοτεχνιῶν καὶ τῆς δημιουργίας κινήτρων διὰ τὴν ἀνάπτυξιν τῆς περιφερείας.

Ο κ. ΦΡΟΝΤΙΣΤΗΣ

Ὁ ὑπουργὸς Ἐθνικῆς Ἀμύνης κ. Γαρουφαλιὰς ἐτόνισεν εἰς τὴν Βουλὴν ὅτι ἡ περικοπὴ τῶν ἀμυντικῶν δαπανῶν δὲν θίγει τὴν στρατιωτικήν μας ἰσχύν. Ὁ ὑπουργὸς ἀνέπτυξε τὸ πρόγραμμα τῆς κυβερνήσεως διὰ τὰς ἐνόπλους δυνάμεις καὶ ἀνέφερεν ὅτι αἱ οἰκονομίαι θὰ γίνουν εἰς τὰς διοικητικὰς δαπάνας. Ὁ βουλευτὴς κ. Φροντιστὴς διετύπωσεν ἐμμέσως ἀπειλήν, ἡ ὁποία προεκάλεσεν ἐντόνους διαμαρτυρίας τῶν βουλευτῶν τῆς πλειοψηφίας. Ἡ συζήτησις ἐπὶ τοῦ προϋπολογισμοῦ θὰ συνεχισθῇ αὔριον. Κατὰ τὴν συζήτησιν ἀνεφέρθη καὶ τὸ θέμα τῶν ἐπαρχιακῶν βιοτεχνιῶν καὶ τῆς δημιουργίας κινήτρων διὰ τὴν ἀνάπτυξιν τῆς περιφερείας.

Ὁ ὑπουργὸς Ἐθνικῆς Ἀμύνης κ. Γαρουφαλιὰς ἐτόνισεν εἰς τὴν Βουλὴν ὅτι ἡ περικοπὴ τῶν ἀμυντικῶν δαπανῶν δὲν θίγει τὴν στρατιωτικήν μας ἰσχύν. Ὁ ὑπουργὸς ἀνέπτυξε τὸ πρόγραμμα τῆς κυβερνήσεως διὰ τὰς ἐνόπλους δυνάμεις καὶ ἀνέφερεν ὅτι αἱ οἰκονομίαι θὰ γίνουν εἰς τὰς διοικητικὰς δαπάνας. Ὁ βουλευτὴς κ. Φροντιστὴς διετύπωσεν ἐμμέσως ἀπειλήν, ἡ ὁποία προεκάλεσεν ἐντόνους διαμαρτυρίας τῶν βουλευτῶν τῆς πλειοψηφίας. Ἡ συζήτησις ἐπὶ τοῦ προϋπολογισμοῦ θὰ συνεχισθῇ αὔριον. Κατὰ τὴν συζήτησιν ἀνεφέρθη καὶ τὸ θέμα τῶν ἐπαρχιακῶν βιοτεχνιῶν καὶ τῆς δημιουργίας κινήτρων διὰ τὴν ἀνάπτυξιν τῆς περιφερείας.
